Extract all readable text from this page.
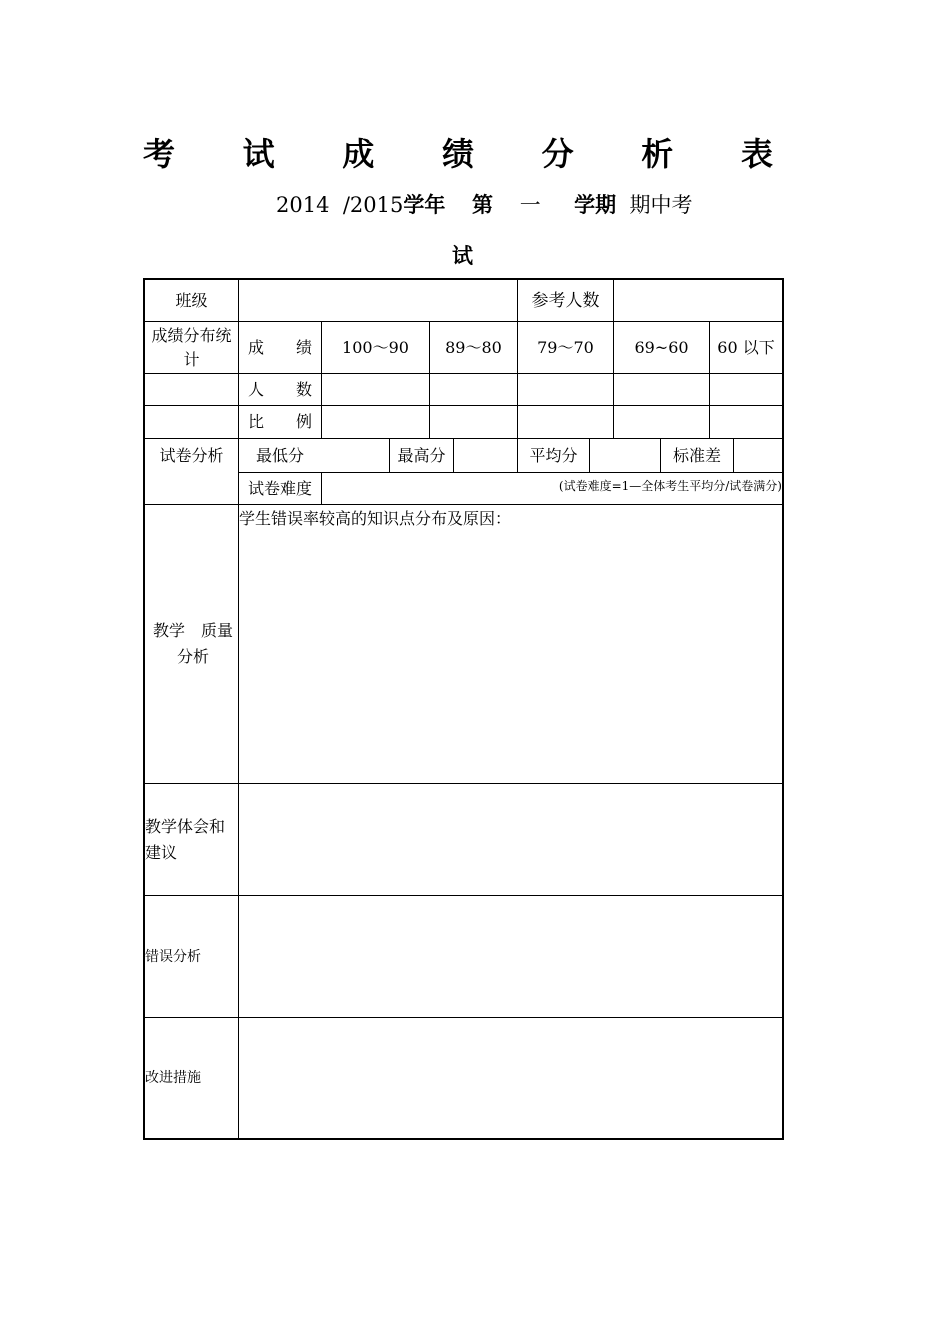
考 试 成 绩 分 析 表
2014 /2015学年 第 一 学期 期中考
试
班级	参考人数
成绩分布统计
成　　绩	100～90	89～80	79～70	69~60	60 以下
人　　数
比　　例
试卷分析	最低分	最高分	平均分	标准差
试卷难度	(试卷难度=1—全体考生平均分/试卷满分)
教学　质量分析
学生错误率较高的知识点分布及原因：
教学体会和建议
错误分析
改进措施
